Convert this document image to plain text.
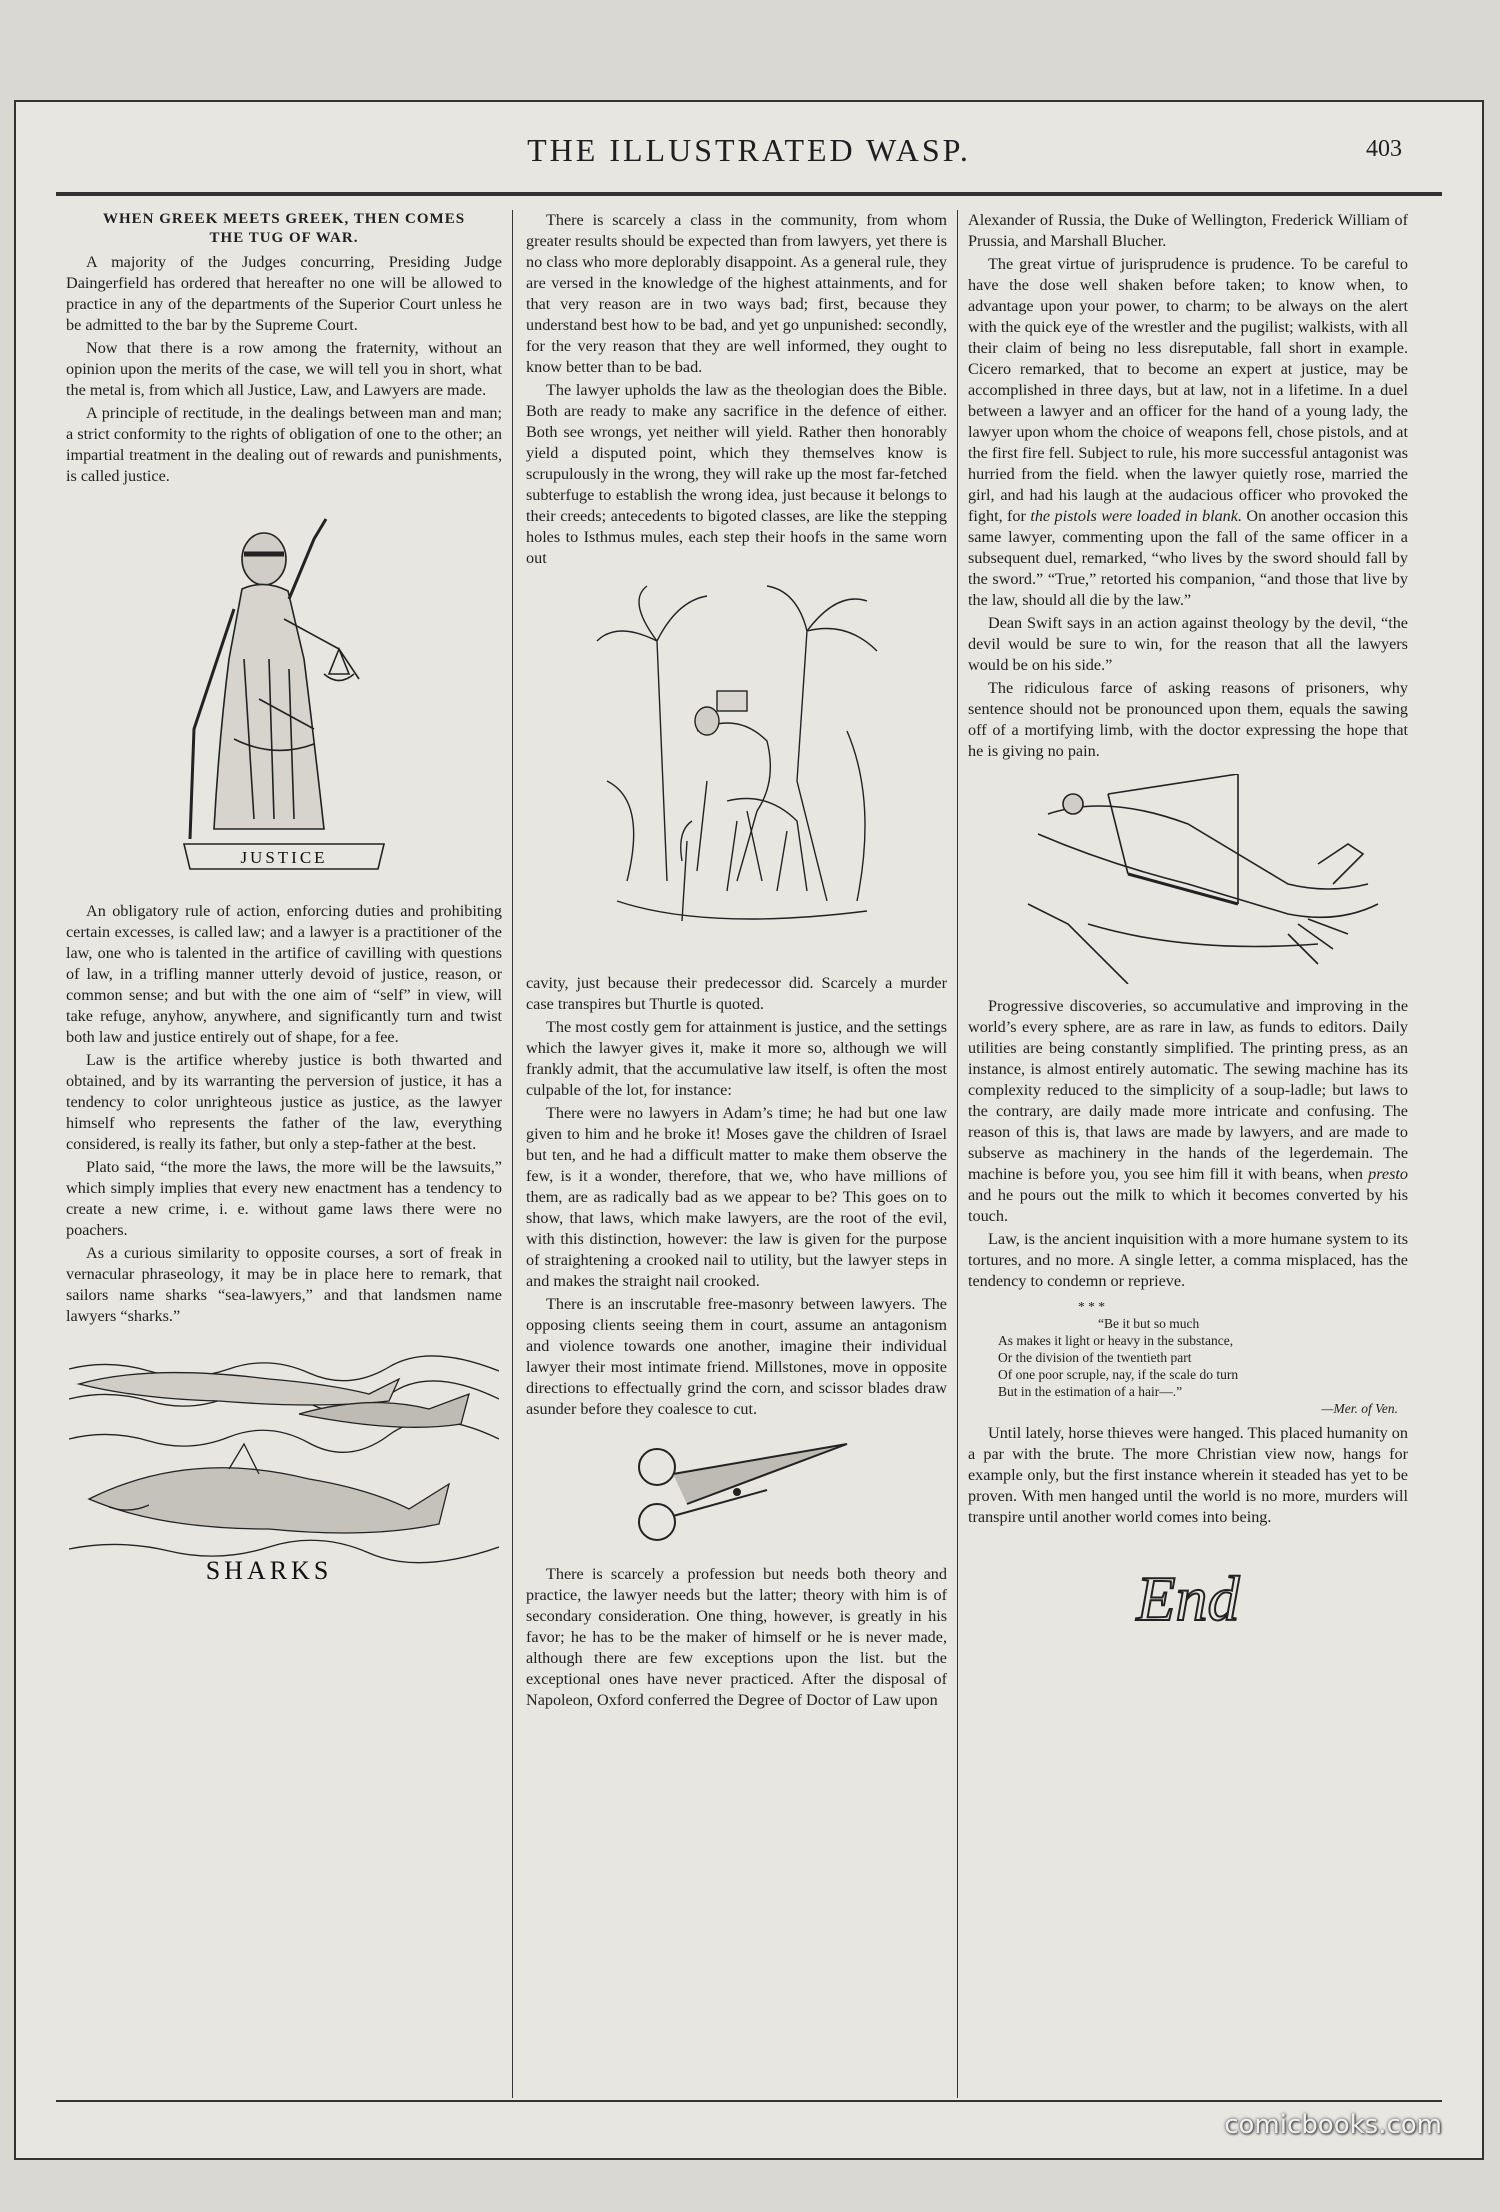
THE ILLUSTRATED WASP.	403
WHEN GREEK MEETS GREEK, THEN COMES
THE TUG OF WAR.

A majority of the Judges concurring, Presiding Judge Daingerfield has ordered that hereafter no one will be allowed to practice in any of the departments of the Superior Court unless he be admitted to the bar by the Supreme Court.

Now that there is a row among the fraternity, without an opinion upon the merits of the case, we will tell you in short, what the metal is, from which all Justice, Law, and Lawyers are made.

A principle of rectitude, in the dealings between man and man; a strict conformity to the rights of obligation of one to the other; an impartial treatment in the dealing out of rewards and punishments, is called justice.

JUSTICE

An obligatory rule of action, enforcing duties and prohibiting certain excesses, is called law; and a lawyer is a practitioner of the law, one who is talented in the artifice of cavilling with questions of law, in a trifling manner utterly devoid of justice, reason, or common sense; and but with the one aim of “self” in view, will take refuge, anyhow, anywhere, and significantly turn and twist both law and justice entirely out of shape, for a fee.

Law is the artifice whereby justice is both thwarted and obtained, and by its warranting the perversion of justice, it has a tendency to color unrighteous justice as justice, as the lawyer himself who represents the father of the law, everything considered, is really its father, but only a step-father at the best.

Plato said, “the more the laws, the more will be the lawsuits,” which simply implies that every new enactment has a tendency to create a new crime, i. e. without game laws there were no poachers.

As a curious similarity to opposite courses, a sort of freak in vernacular phraseology, it may be in place here to remark, that sailors name sharks “sea-lawyers,” and that landsmen name lawyers “sharks.”

SHARKS

There is scarcely a class in the community, from whom greater results should be expected than from lawyers, yet there is no class who more deplorably disappoint. As a general rule, they are versed in the knowledge of the highest attainments, and for that very reason are in two ways bad; first, because they understand best how to be bad, and yet go unpunished: secondly, for the very reason that they are well informed, they ought to know better than to be bad.

The lawyer upholds the law as the theologian does the Bible. Both are ready to make any sacrifice in the defence of either. Both see wrongs, yet neither will yield. Rather then honorably yield a disputed point, which they themselves know is scrupulously in the wrong, they will rake up the most far-fetched subterfuge to establish the wrong idea, just because it belongs to their creeds; antecedents to bigoted classes, are like the stepping holes to Isthmus mules, each step their hoofs in the same worn out

cavity, just because their predecessor did. Scarcely a murder case transpires but Thurtle is quoted.

The most costly gem for attainment is justice, and the settings which the lawyer gives it, make it more so, although we will frankly admit, that the accumulative law itself, is often the most culpable of the lot, for instance:

There were no lawyers in Adam’s time; he had but one law given to him and he broke it! Moses gave the children of Israel but ten, and he had a difficult matter to make them observe the few, is it a wonder, therefore, that we, who have millions of them, are as radically bad as we appear to be? This goes on to show, that laws, which make lawyers, are the root of the evil, with this distinction, however: the law is given for the purpose of straightening a crooked nail to utility, but the lawyer steps in and makes the straight nail crooked.

There is an inscrutable free-masonry between lawyers. The opposing clients seeing them in court, assume an antagonism and violence towards one another, imagine their individual lawyer their most intimate friend. Millstones, move in opposite directions to effectually grind the corn, and scissor blades draw asunder before they coalesce to cut.

There is scarcely a profession but needs both theory and practice, the lawyer needs but the latter; theory with him is of secondary consideration. One thing, however, is greatly in his favor; he has to be the maker of himself or he is never made, although there are few exceptions upon the list. but the exceptional ones have never practiced. After the disposal of Napoleon, Oxford conferred the Degree of Doctor of Law upon

Alexander of Russia, the Duke of Wellington, Frederick William of Prussia, and Marshall Blucher.

The great virtue of jurisprudence is prudence. To be careful to have the dose well shaken before taken; to know when, to advantage upon your power, to charm; to be always on the alert with the quick eye of the wrestler and the pugilist; walkists, with all their claim of being no less disreputable, fall short in example. Cicero remarked, that to become an expert at justice, may be accomplished in three days, but at law, not in a lifetime. In a duel between a lawyer and an officer for the hand of a young lady, the lawyer upon whom the choice of weapons fell, chose pistols, and at the first fire fell. Subject to rule, his more successful antagonist was hurried from the field. when the lawyer quietly rose, married the girl, and had his laugh at the audacious officer who provoked the fight, for the pistols were loaded in blank. On another occasion this same lawyer, commenting upon the fall of the same officer in a subsequent duel, remarked, “who lives by the sword should fall by the sword.” “True,” retorted his companion, “and those that live by the law, should all die by the law.”

Dean Swift says in an action against theology by the devil, “the devil would be sure to win, for the reason that all the lawyers would be on his side.”

The ridiculous farce of asking reasons of prisoners, why sentence should not be pronounced upon them, equals the sawing off of a mortifying limb, with the doctor expressing the hope that he is giving no pain.

Progressive discoveries, so accumulative and improving in the world’s every sphere, are as rare in law, as funds to editors. Daily utilities are being constantly simplified. The printing press, as an instance, is almost entirely automatic. The sewing machine has its complexity reduced to the simplicity of a soup-ladle; but laws to the contrary, are daily made more intricate and confusing. The reason of this is, that laws are made by lawyers, and are made to subserve as machinery in the hands of the legerdemain. The machine is before you, you see him fill it with beans, when presto and he pours out the milk to which it becomes converted by his touch.

Law, is the ancient inquisition with a more humane system to its tortures, and no more. A single letter, a comma misplaced, has the tendency to condemn or reprieve.

* * *
“Be it but so much
As makes it light or heavy in the substance,
Or the division of the twentieth part
Of one poor scruple, nay, if the scale do turn
But in the estimation of a hair—.”
—Mer. of Ven.

Until lately, horse thieves were hanged. This placed humanity on a par with the brute. The more Christian view now, hangs for example only, but the first instance wherein it steaded has yet to be proven. With men hanged until the world is no more, murders will transpire until another world comes into being.

End
comicbooks.com
